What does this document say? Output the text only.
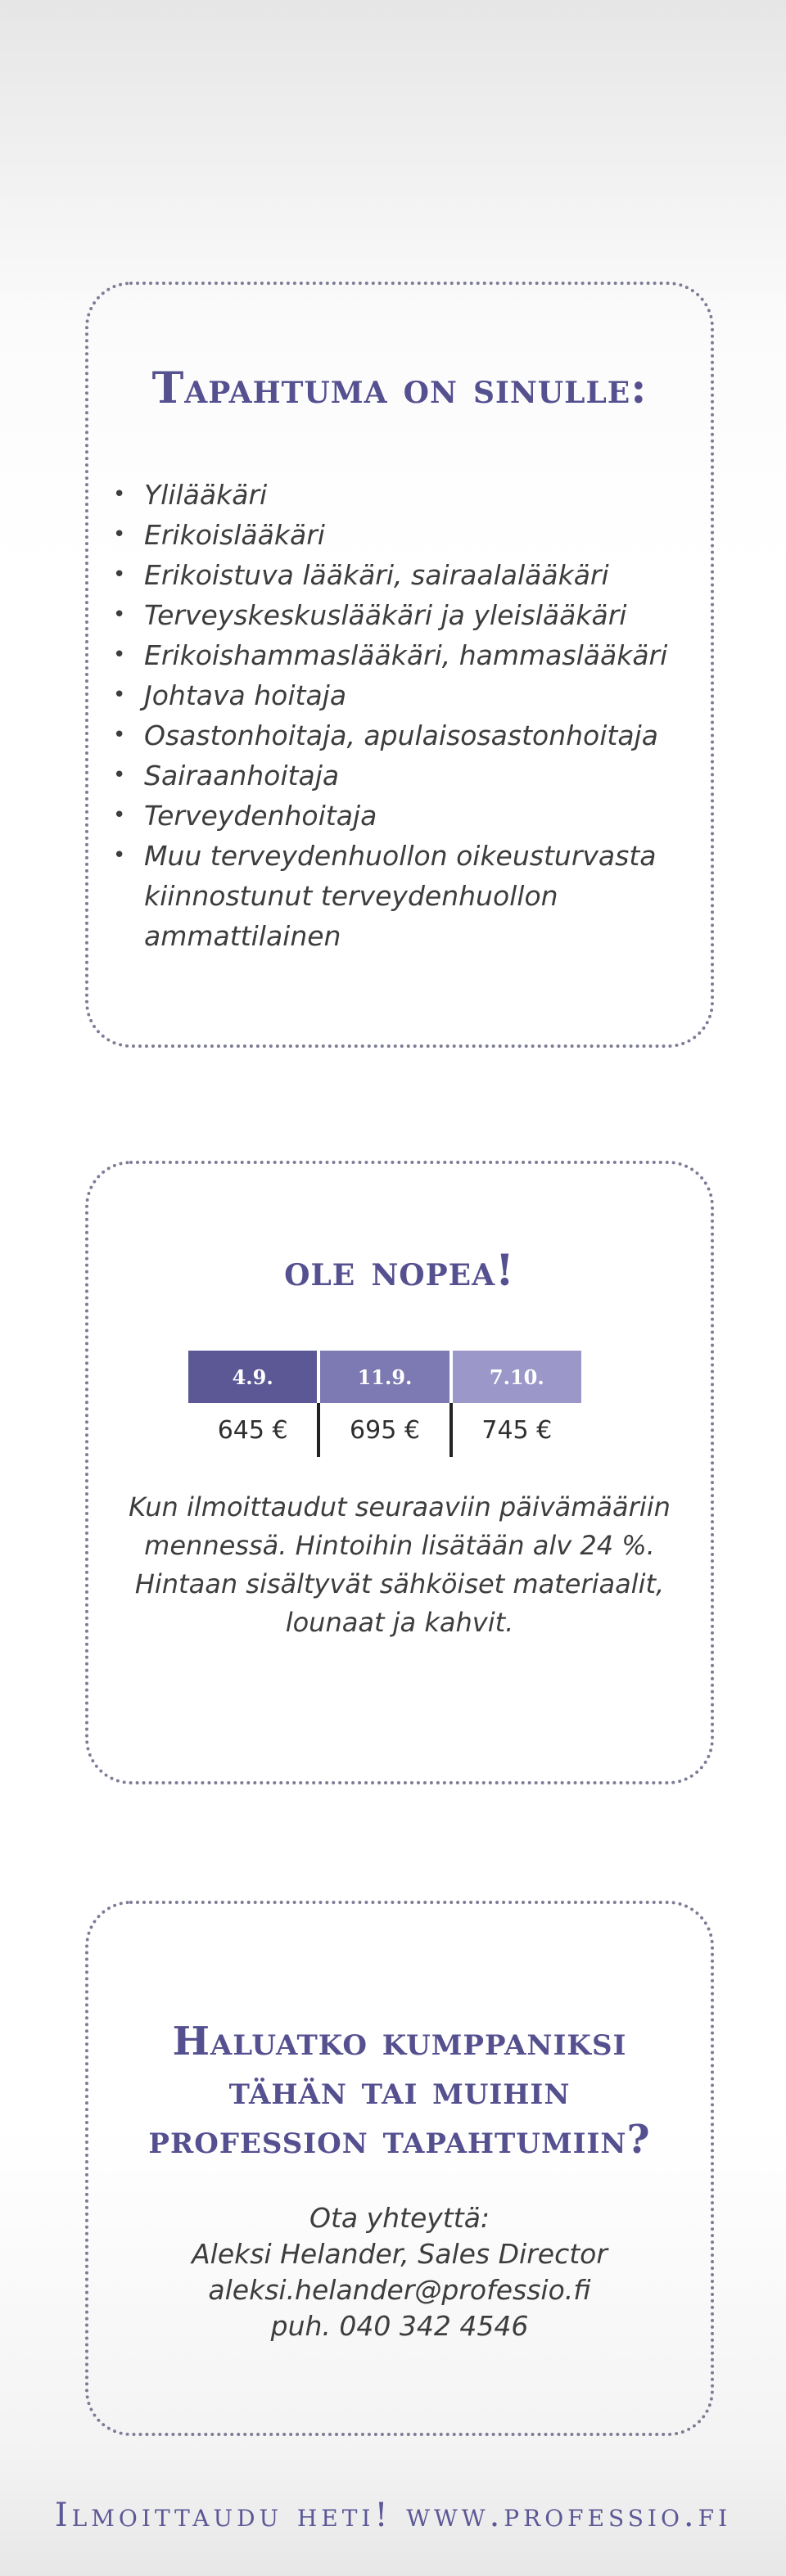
Tapahtuma on sinulle:
• Ylilääkäri
• Erikoislääkäri
• Erikoistuva lääkäri, sairaalalääkäri
• Terveyskeskuslääkäri ja yleislääkäri
• Erikoishammaslääkäri, hammaslääkäri
• Johtava hoitaja
• Osastonhoitaja, apulaisosastonhoitaja
• Sairaanhoitaja
• Terveydenhoitaja
• Muu terveydenhuollon oikeusturvasta kiinnostunut terveydenhuollon ammattilainen
ole nopea!
4.9.	11.9.	7.10.
645 €	695 €	745 €
Kun ilmoittaudut seuraaviin päivämääriin
mennessä. Hintoihin lisätään alv 24 %.
Hintaan sisältyvät sähköiset materiaalit,
lounaat ja kahvit.
Haluatko kumppaniksi
tähän tai muihin
profession tapahtumiin?
Ota yhteyttä:
Aleksi Helander, Sales Director
aleksi.helander@professio.fi
puh. 040 342 4546
Ilmoittaudu heti! www.professio.fi
